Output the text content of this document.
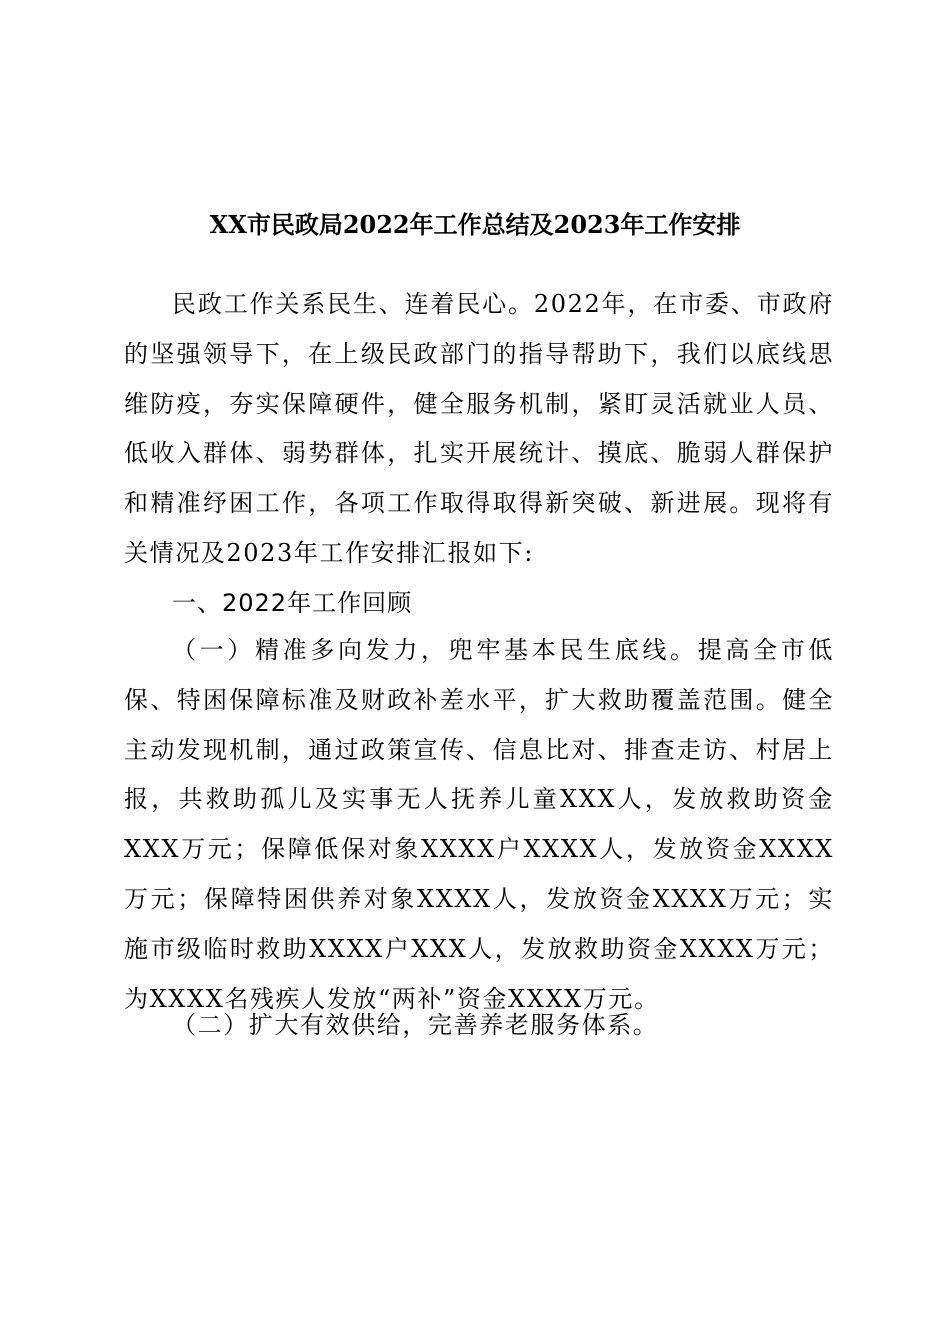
XX市民政局2022年工作总结及2023年工作安排

民政工作关系民生、连着民心。2022年，在市委、市政府的坚强领导下，在上级民政部门的指导帮助下，我们以底线思维防疫，夯实保障硬件，健全服务机制，紧盯灵活就业人员、低收入群体、弱势群体，扎实开展统计、摸底、脆弱人群保护和精准纾困工作，各项工作取得取得新突破、新进展。现将有关情况及2023年工作安排汇报如下:

一、2022年工作回顾

（一）精准多向发力，兜牢基本民生底线。提高全市低保、特困保障标准及财政补差水平，扩大救助覆盖范围。健全主动发现机制，通过政策宣传、信息比对、排查走访、村居上报，共救助孤儿及实事无人抚养儿童XXX人，发放救助资金XXX万元；保障低保对象XXXX户XXXX人，发放资金XXXX万元；保障特困供养对象XXXX人，发放资金XXXX万元；实施市级临时救助XXXX户XXX人，发放救助资金XXXX万元；为XXXX名残疾人发放“两补”资金XXXX万元。

（二）扩大有效供给，完善养老服务体系。
